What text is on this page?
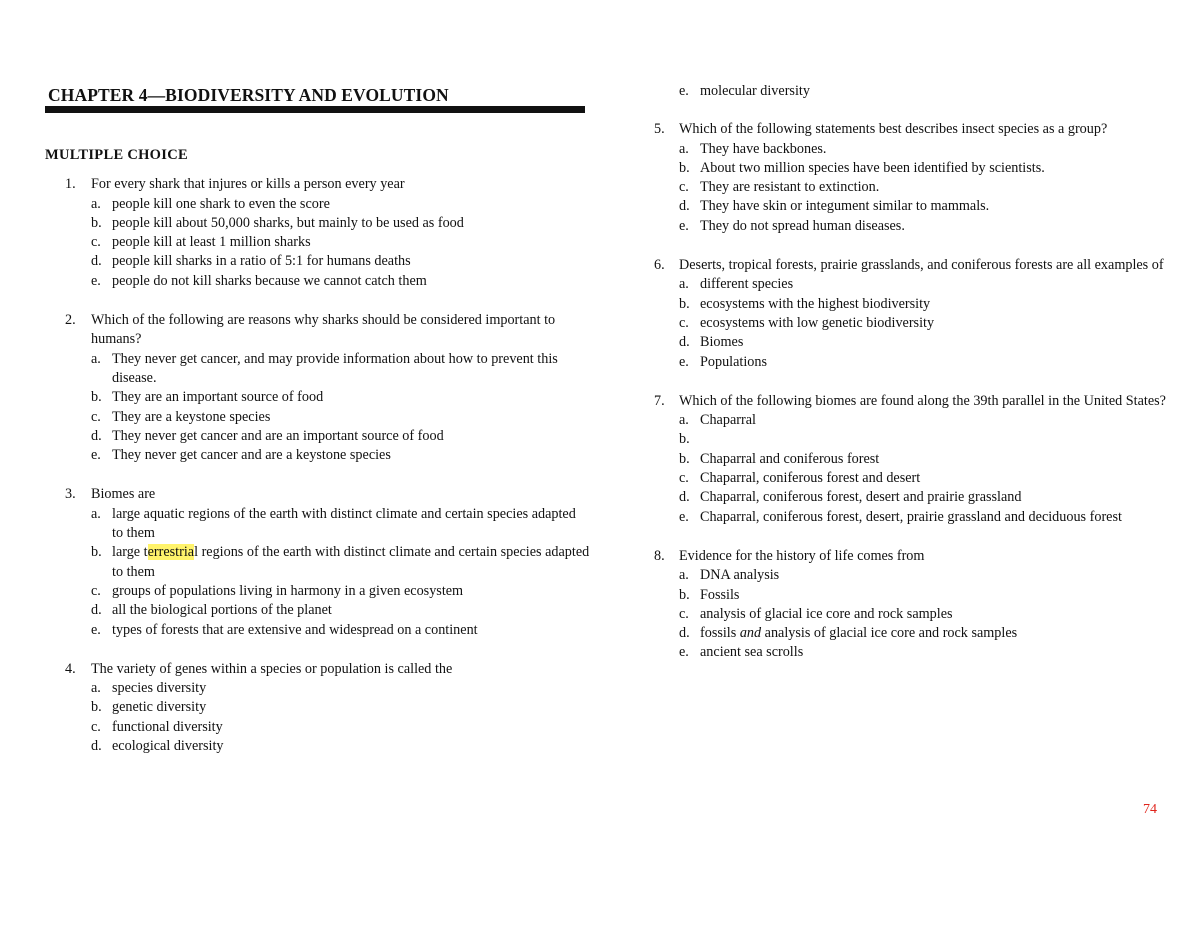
CHAPTER 4—BIODIVERSITY AND EVOLUTION
MULTIPLE CHOICE
1. For every shark that injures or kills a person every year
a. people kill one shark to even the score
b. people kill about 50,000 sharks, but mainly to be used as food
c. people kill at least 1 million sharks
d. people kill sharks in a ratio of 5:1 for humans deaths
e. people do not kill sharks because we cannot catch them
2. Which of the following are reasons why sharks should be considered important to humans?
a. They never get cancer, and may provide information about how to prevent this disease.
b. They are an important source of food
c. They are a keystone species
d. They never get cancer and are an important source of food
e. They never get cancer and are a keystone species
3. Biomes are
a. large aquatic regions of the earth with distinct climate and certain species adapted to them
b. large terrestrial regions of the earth with distinct climate and certain species adapted to them
c. groups of populations living in harmony in a given ecosystem
d. all the biological portions of the planet
e. types of forests that are extensive and widespread on a continent
4. The variety of genes within a species or population is called the
a. species diversity
b. genetic diversity
c. functional diversity
d. ecological diversity
e. molecular diversity
5. Which of the following statements best describes insect species as a group?
a. They have backbones.
b. About two million species have been identified by scientists.
c. They are resistant to extinction.
d. They have skin or integument similar to mammals.
e. They do not spread human diseases.
6. Deserts, tropical forests, prairie grasslands, and coniferous forests are all examples of
a. different species
b. ecosystems with the highest biodiversity
c. ecosystems with low genetic biodiversity
d. Biomes
e. Populations
7. Which of the following biomes are found along the 39th parallel in the United States?
a. Chaparral
b.

b. Chaparral and coniferous forest
c. Chaparral, coniferous forest and desert
d. Chaparral, coniferous forest, desert and prairie grassland
e. Chaparral, coniferous forest, desert, prairie grassland and deciduous forest
8. Evidence for the history of life comes from
a. DNA analysis
b. Fossils
c. analysis of glacial ice core and rock samples
d. fossils and analysis of glacial ice core and rock samples
e. ancient sea scrolls
74
